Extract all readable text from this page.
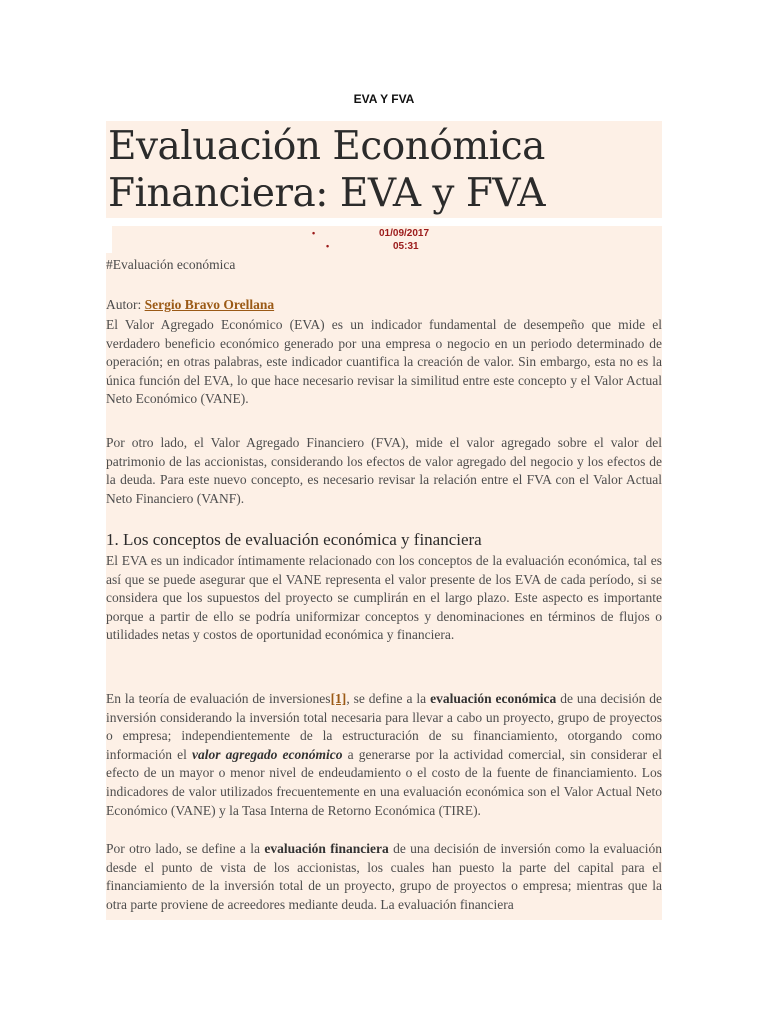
EVA Y FVA
Evaluación Económica
Financiera: EVA y FVA
•	01/09/2017
•	05:31
#Evaluación económica
Autor: Sergio Bravo Orellana

El Valor Agregado Económico (EVA) es un indicador fundamental de desempeño que mide el verdadero beneficio económico generado por una empresa o negocio en un periodo determinado de operación; en otras palabras, este indicador cuantifica la creación de valor. Sin embargo, esta no es la única función del EVA, lo que hace necesario revisar la similitud entre este concepto y el Valor Actual Neto Económico (VANE).

Por otro lado, el Valor Agregado Financiero (FVA), mide el valor agregado sobre el valor del patrimonio de las accionistas, considerando los efectos de valor agregado del negocio y los efectos de la deuda. Para este nuevo concepto, es necesario revisar la relación entre el FVA con el Valor Actual Neto Financiero (VANF).

1. Los conceptos de evaluación económica y financiera

El EVA es un indicador íntimamente relacionado con los conceptos de la evaluación económica, tal es así que se puede asegurar que el VANE representa el valor presente de los EVA de cada período, si se considera que los supuestos del proyecto se cumplirán en el largo plazo. Este aspecto es importante porque a partir de ello se podría uniformizar conceptos y denominaciones en términos de flujos o utilidades netas y costos de oportunidad económica y financiera.

En la teoría de evaluación de inversiones[1], se define a la evaluación económica de una decisión de inversión considerando la inversión total necesaria para llevar a cabo un proyecto, grupo de proyectos o empresa; independientemente de la estructuración de su financiamiento, otorgando como información el valor agregado económico a generarse por la actividad comercial, sin considerar el efecto de un mayor o menor nivel de endeudamiento o el costo de la fuente de financiamiento. Los indicadores de valor utilizados frecuentemente en una evaluación económica son el Valor Actual Neto Económico (VANE) y la Tasa Interna de Retorno Económica (TIRE).

Por otro lado, se define a la evaluación financiera de una decisión de inversión como la evaluación desde el punto de vista de los accionistas, los cuales han puesto la parte del capital para el financiamiento de la inversión total de un proyecto, grupo de proyectos o empresa; mientras que la otra parte proviene de acreedores mediante deuda. La evaluación financiera
